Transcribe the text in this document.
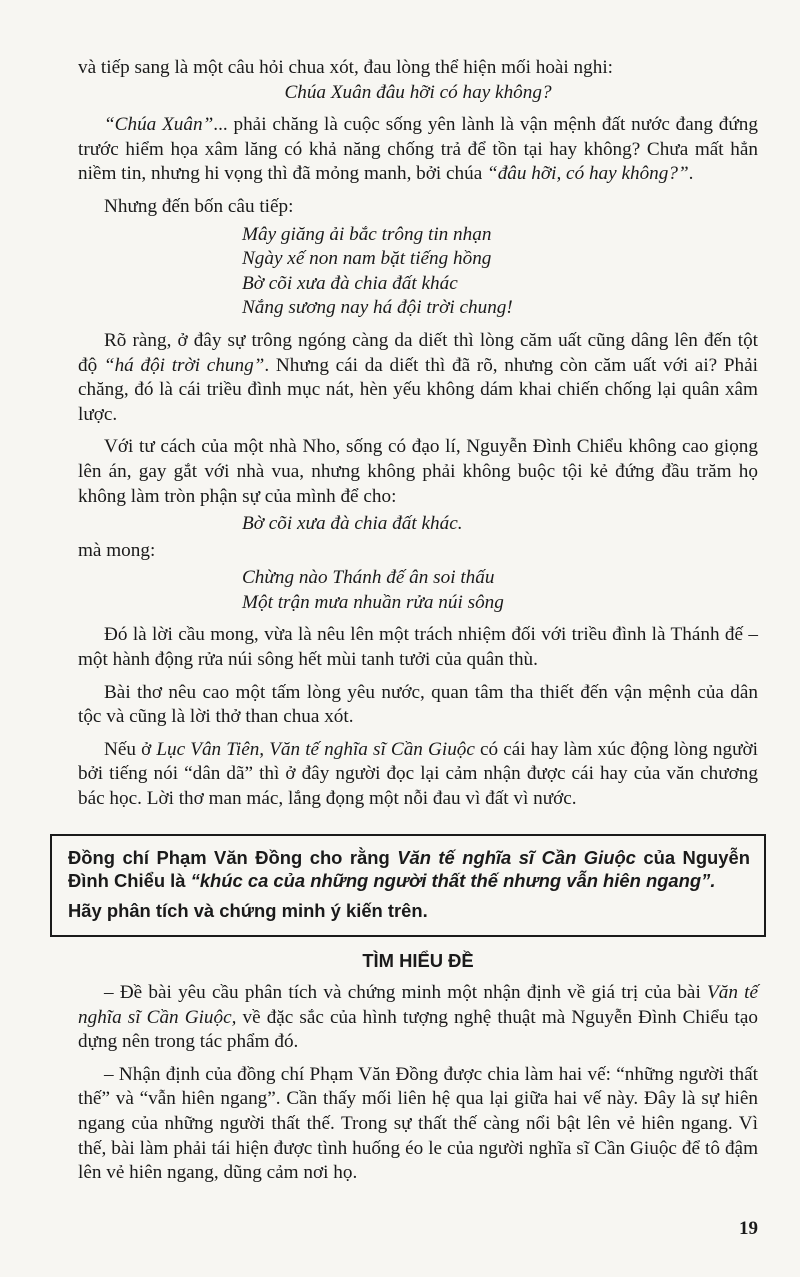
và tiếp sang là một câu hỏi chua xót, đau lòng thể hiện mối hoài nghi:

Chúa Xuân đâu hỡi có hay không?

“Chúa Xuân”... phải chăng là cuộc sống yên lành là vận mệnh đất nước đang đứng trước hiểm họa xâm lăng có khả năng chống trả để tồn tại hay không? Chưa mất hẳn niềm tin, nhưng hi vọng thì đã mỏng manh, bởi chúa “đâu hỡi, có hay không?”.

Nhưng đến bốn câu tiếp:

Mây giăng ải bắc trông tin nhạn
Ngày xế non nam bặt tiếng hồng
Bờ cõi xưa đà chia đất khác
Nắng sương nay há đội trời chung!

Rõ ràng, ở đây sự trông ngóng càng da diết thì lòng căm uất cũng dâng lên đến tột độ “há đội trời chung”. Nhưng cái da diết thì đã rõ, nhưng còn căm uất với ai? Phải chăng, đó là cái triều đình mục nát, hèn yếu không dám khai chiến chống lại quân xâm lược.

Với tư cách của một nhà Nho, sống có đạo lí, Nguyễn Đình Chiểu không cao giọng lên án, gay gắt với nhà vua, nhưng không phải không buộc tội kẻ đứng đầu trăm họ không làm tròn phận sự của mình để cho:

Bờ cõi xưa đà chia đất khác.

mà mong:

Chừng nào Thánh đế ân soi thấu
Một trận mưa nhuần rửa núi sông

Đó là lời cầu mong, vừa là nêu lên một trách nhiệm đối với triều đình là Thánh đế – một hành động rửa núi sông hết mùi tanh tưởi của quân thù.

Bài thơ nêu cao một tấm lòng yêu nước, quan tâm tha thiết đến vận mệnh của dân tộc và cũng là lời thở than chua xót.

Nếu ở Lục Vân Tiên, Văn tế nghĩa sĩ Cần Giuộc có cái hay làm xúc động lòng người bởi tiếng nói “dân dã” thì ở đây người đọc lại cảm nhận được cái hay của văn chương bác học. Lời thơ man mác, lắng đọng một nỗi đau vì đất vì nước.

Đồng chí Phạm Văn Đồng cho rằng Văn tế nghĩa sĩ Cần Giuộc của Nguyễn Đình Chiểu là “khúc ca của những người thất thế nhưng vẫn hiên ngang”.

Hãy phân tích và chứng minh ý kiến trên.

TÌM HIỂU ĐỀ

– Đề bài yêu cầu phân tích và chứng minh một nhận định về giá trị của bài Văn tế nghĩa sĩ Cần Giuộc, về đặc sắc của hình tượng nghệ thuật mà Nguyễn Đình Chiểu tạo dựng nên trong tác phẩm đó.

– Nhận định của đồng chí Phạm Văn Đồng được chia làm hai vế: “những người thất thế” và “vẫn hiên ngang”. Cần thấy mối liên hệ qua lại giữa hai vế này. Đây là sự hiên ngang của những người thất thế. Trong sự thất thế càng nổi bật lên vẻ hiên ngang. Vì thế, bài làm phải tái hiện được tình huống éo le của người nghĩa sĩ Cần Giuộc để tô đậm lên vẻ hiên ngang, dũng cảm nơi họ.

19
